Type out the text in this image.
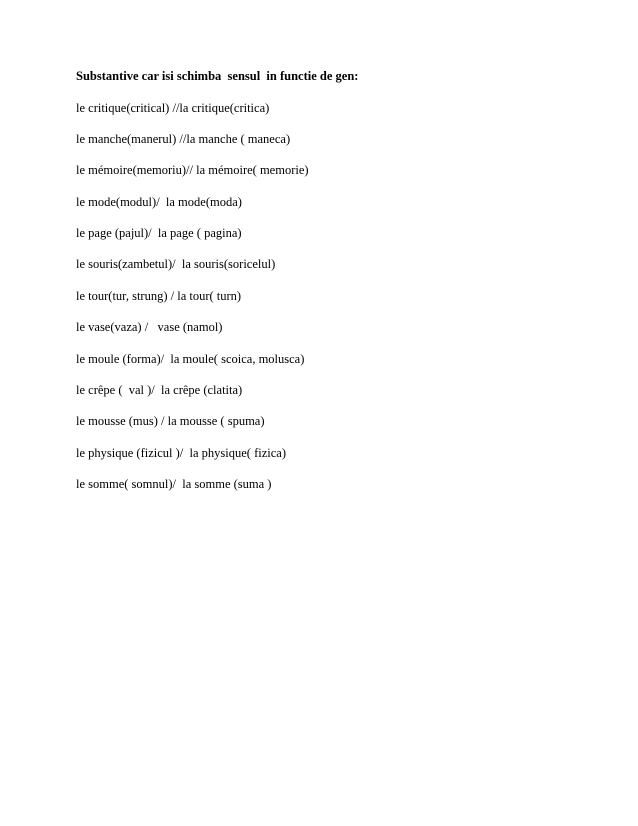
Substantive car isi schimba  sensul  in functie de gen:

le critique(critical) //la critique(critica)
le manche(manerul) //la manche ( maneca)
le mémoire(memoriu)// la mémoire( memorie)
le mode(modul)/  la mode(moda)
le page (pajul)/  la page ( pagina)
le souris(zambetul)/  la souris(soricelul)
le tour(tur, strung) / la tour( turn)
le vase(vaza) /   vase (namol)
le moule (forma)/  la moule( scoica, molusca)
le crêpe (  val )/  la crêpe (clatita)
le mousse (mus) / la mousse ( spuma)
le physique (fizicul )/  la physique( fizica)
le somme( somnul)/  la somme (suma )
